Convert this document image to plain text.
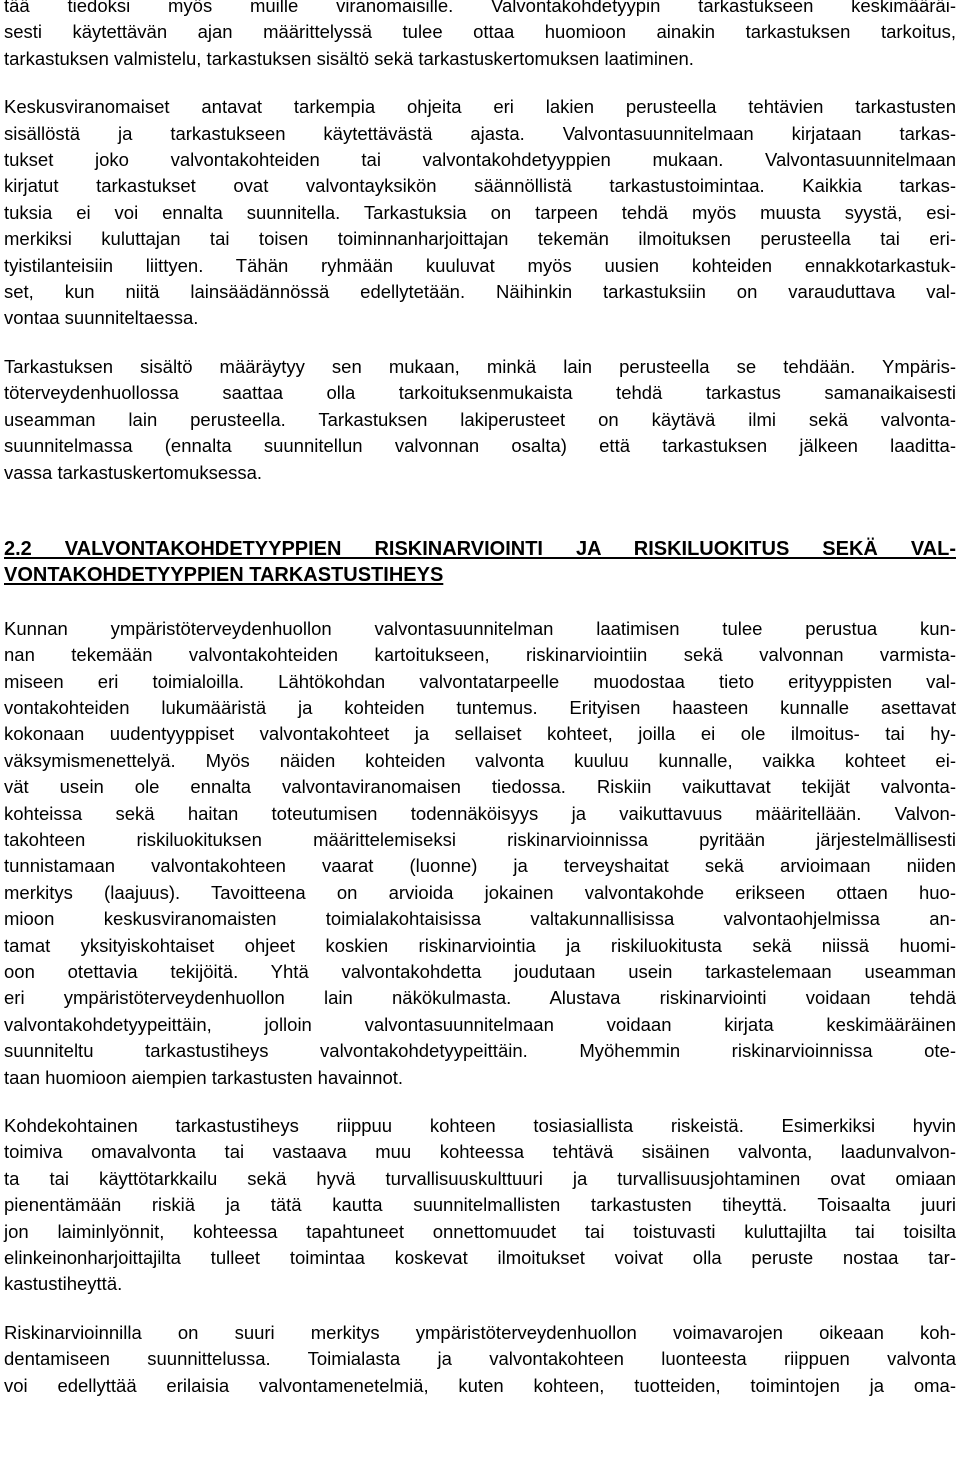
tää tiedoksi myös muille viranomaisille. Valvontakohdetyypin tarkastukseen keskimääräi-
sesti käytettävän ajan määrittelyssä tulee ottaa huomioon ainakin tarkastuksen tarkoitus,
tarkastuksen valmistelu, tarkastuksen sisältö sekä tarkastuskertomuksen laatiminen.

Keskusviranomaiset antavat tarkempia ohjeita eri lakien perusteella tehtävien tarkastusten
sisällöstä ja tarkastukseen käytettävästä ajasta. Valvontasuunnitelmaan kirjataan tarkas-
tukset joko valvontakohteiden tai valvontakohdetyyppien mukaan. Valvontasuunnitelmaan
kirjatut tarkastukset ovat valvontayksikön säännöllistä tarkastustoimintaa. Kaikkia tarkas-
tuksia ei voi ennalta suunnitella. Tarkastuksia on tarpeen tehdä myös muusta syystä, esi-
merkiksi kuluttajan tai toisen toiminnanharjoittajan tekemän ilmoituksen perusteella tai eri-
tyistilanteisiin liittyen. Tähän ryhmään kuuluvat myös uusien kohteiden ennakkotarkastuk-
set, kun niitä lainsäädännössä edellytetään. Näihinkin tarkastuksiin on varauduttava val-
vontaa suunniteltaessa.

Tarkastuksen sisältö määräytyy sen mukaan, minkä lain perusteella se tehdään. Ympäris-
töterveydenhuollossa saattaa olla tarkoituksenmukaista tehdä tarkastus samanaikaisesti
useamman lain perusteella. Tarkastuksen lakiperusteet on käytävä ilmi sekä valvonta-
suunnitelmassa (ennalta suunnitellun valvonnan osalta) että tarkastuksen jälkeen laaditta-
vassa tarkastuskertomuksessa.

2.2 VALVONTAKOHDETYYPPIEN RISKINARVIOINTI JA RISKILUOKITUS SEKÄ VAL-
VONTAKOHDETYYPPIEN TARKASTUSTIHEYS

Kunnan ympäristöterveydenhuollon valvontasuunnitelman laatimisen tulee perustua kun-
nan tekemään valvontakohteiden kartoitukseen, riskinarviointiin sekä valvonnan varmista-
miseen eri toimialoilla. Lähtökohdan valvontatarpeelle muodostaa tieto erityyppisten val-
vontakohteiden lukumääristä ja kohteiden tuntemus. Erityisen haasteen kunnalle asettavat
kokonaan uudentyyppiset valvontakohteet ja sellaiset kohteet, joilla ei ole ilmoitus- tai hy-
väksymismenettelyä. Myös näiden kohteiden valvonta kuuluu kunnalle, vaikka kohteet ei-
vät usein ole ennalta valvontaviranomaisen tiedossa. Riskiin vaikuttavat tekijät valvonta-
kohteissa sekä haitan toteutumisen todennäköisyys ja vaikuttavuus määritellään. Valvon-
takohteen riskiluokituksen määrittelemiseksi riskinarvioinnissa pyritään järjestelmällisesti
tunnistamaan valvontakohteen vaarat (luonne) ja terveyshaitat sekä arvioimaan niiden
merkitys (laajuus). Tavoitteena on arvioida jokainen valvontakohde erikseen ottaen huo-
mioon keskusviranomaisten toimialakohtaisissa valtakunnallisissa valvontaohjelmissa an-
tamat yksityiskohtaiset ohjeet koskien riskinarviointia ja riskiluokitusta sekä niissä huomi-
oon otettavia tekijöitä. Yhtä valvontakohdetta joudutaan usein tarkastelemaan useamman
eri ympäristöterveydenhuollon lain näkökulmasta. Alustava riskinarviointi voidaan tehdä
valvontakohdetyypeittäin, jolloin valvontasuunnitelmaan voidaan kirjata keskimääräinen
suunniteltu tarkastustiheys valvontakohdetyypeittäin. Myöhemmin riskinarvioinnissa ote-
taan huomioon aiempien tarkastusten havainnot.

Kohdekohtainen tarkastustiheys riippuu kohteen tosiasiallista riskeistä. Esimerkiksi hyvin
toimiva omavalvonta tai vastaava muu kohteessa tehtävä sisäinen valvonta, laadunvalvon-
ta tai käyttötarkkailu sekä hyvä turvallisuuskulttuuri ja turvallisuusjohtaminen ovat omiaan
pienentämään riskiä ja tätä kautta suunnitelmallisten tarkastusten tiheyttä. Toisaalta juuri
jon laiminlyönnit, kohteessa tapahtuneet onnettomuudet tai toistuvasti kuluttajilta tai toisilta
elinkeinonharjoittajilta tulleet toimintaa koskevat ilmoitukset voivat olla peruste nostaa tar-
kastustiheyttä.

Riskinarvioinnilla on suuri merkitys ympäristöterveydenhuollon voimavarojen oikeaan koh-
dentamiseen suunnittelussa. Toimialasta ja valvontakohteen luonteesta riippuen valvonta
voi edellyttää erilaisia valvontamenetelmiä, kuten kohteen, tuotteiden, toimintojen ja oma-
